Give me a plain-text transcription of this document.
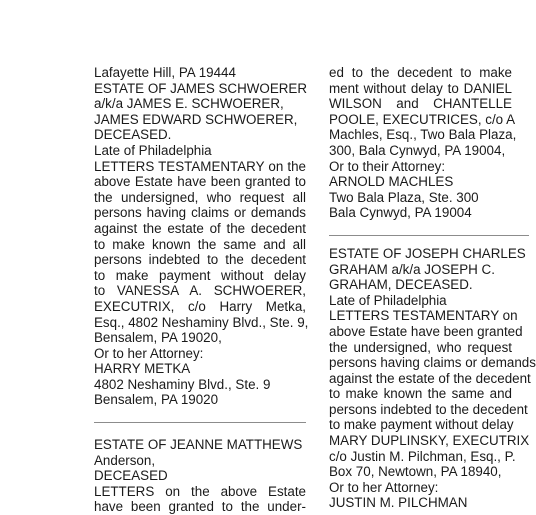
Lafayette Hill, PA 19444
ESTATE OF JAMES SCHWOERER
a/k/a JAMES E. SCHWOERER,
JAMES EDWARD SCHWOERER,
DECEASED.
Late of Philadelphia
LETTERS TESTAMENTARY on the
above Estate have been granted to
the undersigned, who request all
persons having claims or demands
against the estate of the decedent
to make known the same and all
persons indebted to the decedent
to make payment without delay
to VANESSA A. SCHWOERER,
EXECUTRIX, c/o Harry Metka,
Esq., 4802 Neshaminy Blvd., Ste. 9,
Bensalem, PA 19020,
Or to her Attorney:
HARRY METKA
4802 Neshaminy Blvd., Ste. 9
Bensalem, PA 19020
ESTATE OF JEANNE MATTHEWS
Anderson,
DECEASED
LETTERS on the above Estate
have been granted to the under-
ed to the decedent to make
ment without delay to DANIEL
WILSON and CHANTELLE
POOLE, EXECUTRICES, c/o A
Machles, Esq., Two Bala Plaza,
300, Bala Cynwyd, PA 19004,
Or to their Attorney:
ARNOLD MACHLES
Two Bala Plaza, Ste. 300
Bala Cynwyd, PA 19004
ESTATE OF JOSEPH CHARLES
GRAHAM a/k/a JOSEPH C.
GRAHAM, DECEASED.
Late of Philadelphia
LETTERS TESTAMENTARY on
above Estate have been granted
the undersigned, who request
persons having claims or demands
against the estate of the decedent
to make known the same and
persons indebted to the decedent
to make payment without delay
MARY DUPLINSKY, EXECUTRIX
c/o Justin M. Pilchman, Esq., P.
Box 70, Newtown, PA 18940,
Or to her Attorney:
JUSTIN M. PILCHMAN
